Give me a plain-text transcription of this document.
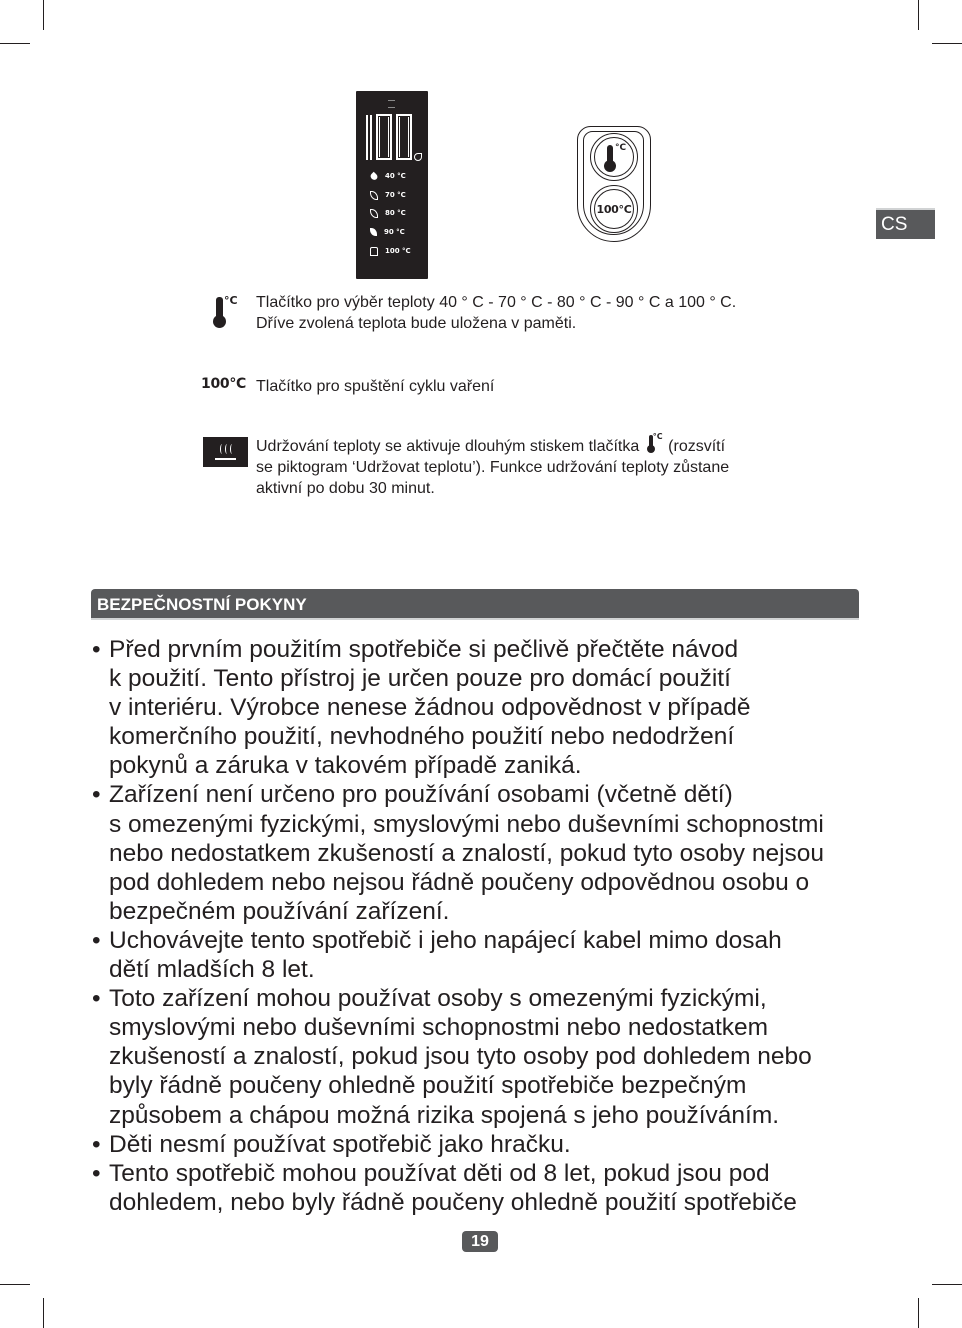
40 °C
70 °C
80 °C
90 °C
100 °C
°C
100°C
CS
°C Tlačítko pro výběr teploty 40 ° C - 70 ° C - 80 ° C - 90 ° C a 100 ° C.
Dříve zvolená teplota bude uložena v paměti.
100°C Tlačítko pro spuštění cyklu vaření
Udržování teploty se aktivuje dlouhým stiskem tlačítka
°C
(rozsvítí
se piktogram ‘Udržovat teplotu’). Funkce udržování teploty zůstane
aktivní po dobu 30 minut.
BEZPEČNOSTNÍ POKYNY
• Před prvním použitím spotřebiče si pečlivě přečtěte návod
k použití. Tento přístroj je určen pouze pro domácí použití
v interiéru. Výrobce nenese žádnou odpovědnost v případě
komerčního použití, nevhodného použití nebo nedodržení
pokynů a záruka v takovém případě zaniká.
• Zařízení není určeno pro používání osobami (včetně dětí)
s omezenými fyzickými, smyslovými nebo duševními schopnostmi
nebo nedostatkem zkušeností a znalostí, pokud tyto osoby nejsou
pod dohledem nebo nejsou řádně poučeny odpovědnou osobu o
bezpečném používání zařízení.
• Uchovávejte tento spotřebič i jeho napájecí kabel mimo dosah
dětí mladších 8 let.
• Toto zařízení mohou používat osoby s omezenými fyzickými,
smyslovými nebo duševními schopnostmi nebo nedostatkem
zkušeností a znalostí, pokud jsou tyto osoby pod dohledem nebo
byly řádně poučeny ohledně použití spotřebiče bezpečným
způsobem a chápou možná rizika spojená s jeho používáním.
• Děti nesmí používat spotřebič jako hračku.
• Tento spotřebič mohou používat děti od 8 let, pokud jsou pod
dohledem, nebo byly řádně poučeny ohledně použití spotřebiče
19
